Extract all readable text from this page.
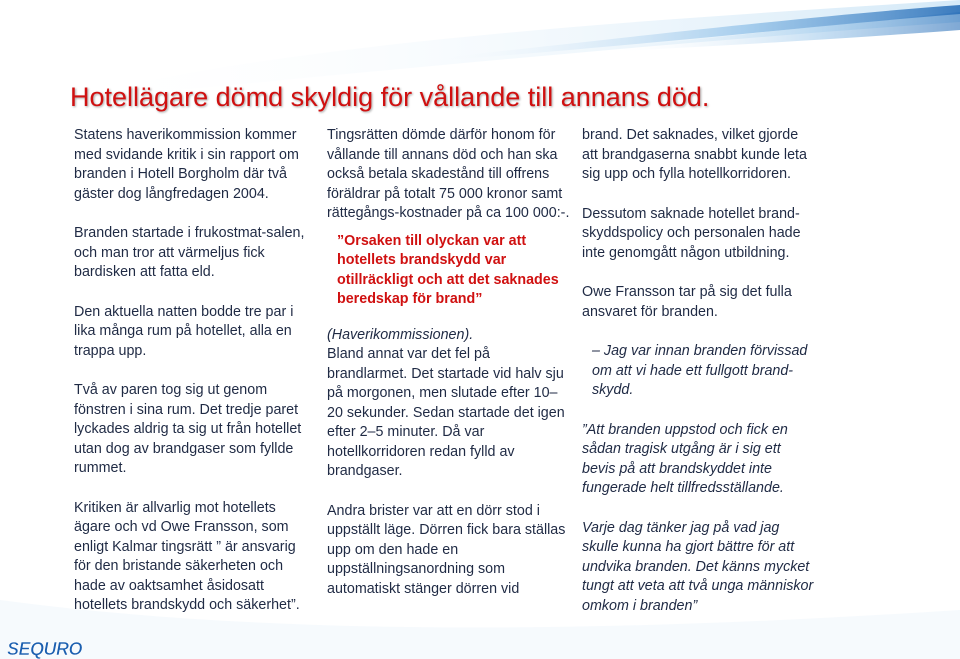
Hotellägare dömd skyldig för vållande till annans död.

Statens haverikommission kommer med svidande kritik i sin rapport om branden i Hotell Borgholm där två gäster dog långfredagen 2004.

Branden startade i frukostmat-salen, och man tror att värmeljus fick bardisken att fatta eld.

Den aktuella natten bodde tre par i lika många rum på hotellet, alla en trappa upp.

Två av paren tog sig ut genom fönstren i sina rum. Det tredje paret lyckades aldrig ta sig ut från hotellet utan dog av brandgaser som fyllde rummet.

Kritiken är allvarlig mot hotellets ägare och vd Owe Fransson, som enligt Kalmar tingsrätt ” är ansvarig för den bristande säkerheten och hade av oaktsamhet åsidosatt hotellets brandskydd och säkerhet”.

Tingsrätten dömde därför honom för vållande till annans död och han ska också betala skadestånd till offrens föräldrar på totalt 75 000 kronor samt rättegångs-kostnader på ca 100 000:-.

”Orsaken till olyckan var att hotellets brandskydd var otillräckligt och att det saknades beredskap för brand”

(Haverikommissionen).

Bland annat var det fel på brandlarmet. Det startade vid halv sju på morgonen, men slutade efter 10–20 sekunder. Sedan startade det igen efter 2–5 minuter. Då var hotellkorridoren redan fylld av brandgaser.

Andra brister var att en dörr stod i uppställt läge. Dörren fick bara ställas upp om den hade en uppställningsanordning som automatiskt stänger dörren vid

brand. Det saknades, vilket gjorde att brandgaserna snabbt kunde leta sig upp och fylla hotellkorridoren.

Dessutom saknade hotellet brand-skyddspolicy och personalen hade inte genomgått någon utbildning.

Owe Fransson tar på sig det fulla ansvaret för branden.

– Jag var innan branden förvissad om att vi hade ett fullgott brand-skydd.

”Att branden uppstod och fick en sådan tragisk utgång är i sig ett bevis på att brandskyddet inte fungerade helt tillfredsställande.

Varje dag tänker jag på vad jag skulle kunna ha gjort bättre för att undvika branden. Det känns mycket tungt att veta att två unga människor omkom i branden”

SEQURO
